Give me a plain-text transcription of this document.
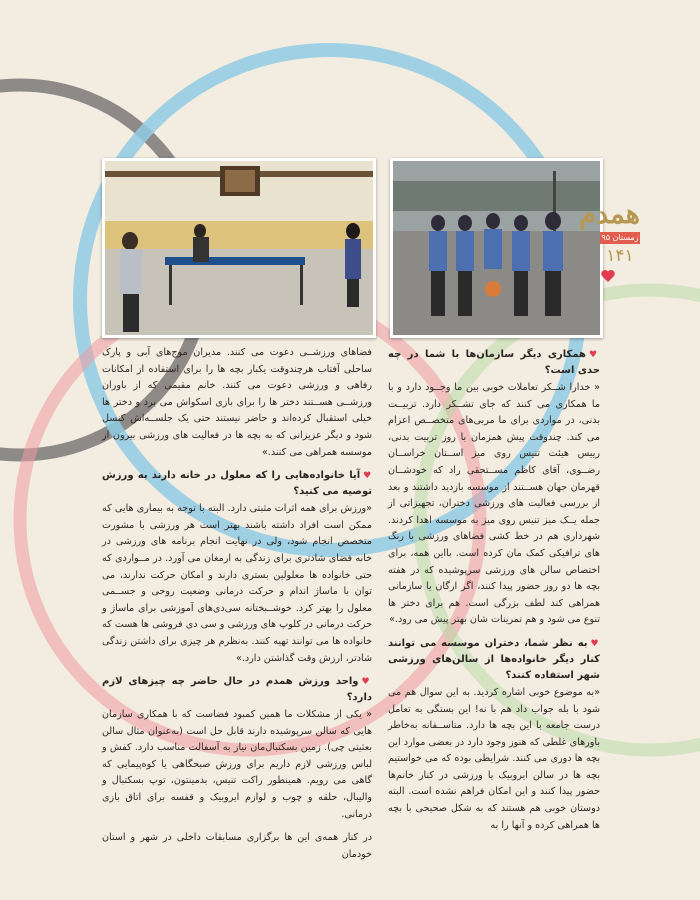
همدم
زمستان ۹۵
۱۴۱
♥همکاری دیگر سازمان‌ها با شما در چه حدی است؟
« خدارا شــکر تعاملات خوبی بین ما وجــود دارد و با ما همکاری می کنند که جای تشــکر دارد. تربیــت بدنی، در مواردی برای ما مربی‌های متخصــص اعزام می کند. چندوقت پیش همزمان با روز تربیت بدنی، رییس هیئت تنیس روی میز اســتان خراســان رضــوی، آقای کاظم مســتحقی راد که خودشــان قهرمان جهان هســتند از موسسه بازدید داشتند و بعد از بررسی فعالیت های ورزشی دختران، تجهیزاتی از جمله یــک میز تنیس روی میز به موسسه اهدا کردند. شهرداری هم در خط کشی فضاهای ورزشی با رنگ های ترافیکی کمک مان کرده است. بااین همه، برای اختصاص سالن های ورزشی سرپوشیده که در هفته بچه ها دو روز حضور پیدا کنند، اگر ارگان یا سازمانی همراهی کند لطف بزرگی است. هم برای دختر ها تنوع می شود و هم تمرینات شان بهتر پیش می رود.»
♥به نظر شما، دختران موسسه می توانند کنار دیگر خانواده‌ها از سالن‌های ورزشی شهر استفاده کنند؟
«به موضوع خوبی اشاره کردید. به این سوال هم می شود با بله جواب داد هم با نه! این بستگی به تعامل درست جامعه با این بچه ها دارد. متاســفانه به‌خاطر باورهای غلطی که هنوز وجود دارد در بعضی موارد این بچه ها دوری می کنند. شرایطی بوده که می خواستیم بچه ها در سالن ایروبیک یا ورزشی در کنار خانم‌ها حضور پیدا کنند و این امکان فراهم نشده است. البته دوستان خوبی هم هستند که به شکل صحیحی با بچه ها همراهی کرده و آنها را به
فضاهای ورزشــی دعوت می کنند. مدیران موج‌های آبی و پارک ساحلی آفتاب هرچندوقت یکبار بچه ها را برای استفاده از امکانات رفاهی و ورزشی دعوت می کنند. خانم مقیمی که از باوران ورزشــی هســتند دختر ها را برای بازی اسکواش می برد و دختر ها خیلی استقبال کرده‌اند و حاضر نیستند حتی یک جلســه‌اش کنسل شود و دیگر عزیزانی که به بچه ها در فعالیت های ورزشی بیرون از موسسه همراهی می کنند.»
♥آیا خانواده‌هایی را که معلول در خانه دارند به ورزش توصیه می کنید؟
«ورزش برای همه اثرات مثبتی دارد. البته با توجه به بیماری هایی که ممکن است افراد داشته باشند بهتر است هر ورزشی با مشورت متخصص انجام شود، ولی در نهایت انجام برنامه های ورزشی در خانه فضای شادتری برای زندگی به ارمغان می آورد. در مــواردی که حتی خانواده ها معلولین بستری دارند و امکان حرکت ندارند، می توان با ماساژ اندام و حرکت درمانی وضعیت روحی و جســمی معلول را بهتر کرد. خوشــبختانه سی‌دی‌های آموزشی برای ماساژ و حرکت درمانی در کلوپ های ورزشی و سی دی فروشی ها هست که خانواده ها می توانند تهیه کنند. به‌نظرم هر چیزی برای داشتن زندگی شادتر، ارزش وقت گذاشتن دارد.»
♥واحد ورزش همدم در حال حاضر چه چیزهای لازم دارد؟
« یکی از مشکلات ما همین کمبود فضاست که با همکاری سازمان هایی که سالن سرپوشیده دارند قابل حل است (به‌عنوان مثال سالن بعثیتی چی). زمین بسکتبال‌مان نیاز به آسفالت مناسب دارد. کفش و لباس ورزشی لازم داریم برای ورزش صبحگاهی یا کوه‌پیمایی که گاهی می رویم. همینطور راکت تنیس، بدمینتون، توپ بسکتبال و والیبال، حلقه و چوب و لوازم ایروبیک و قفسه برای اتاق بازی درمانی.
در کنار همه‌ی این ها برگزاری مسابقات داخلی در شهر و استان خودمان
